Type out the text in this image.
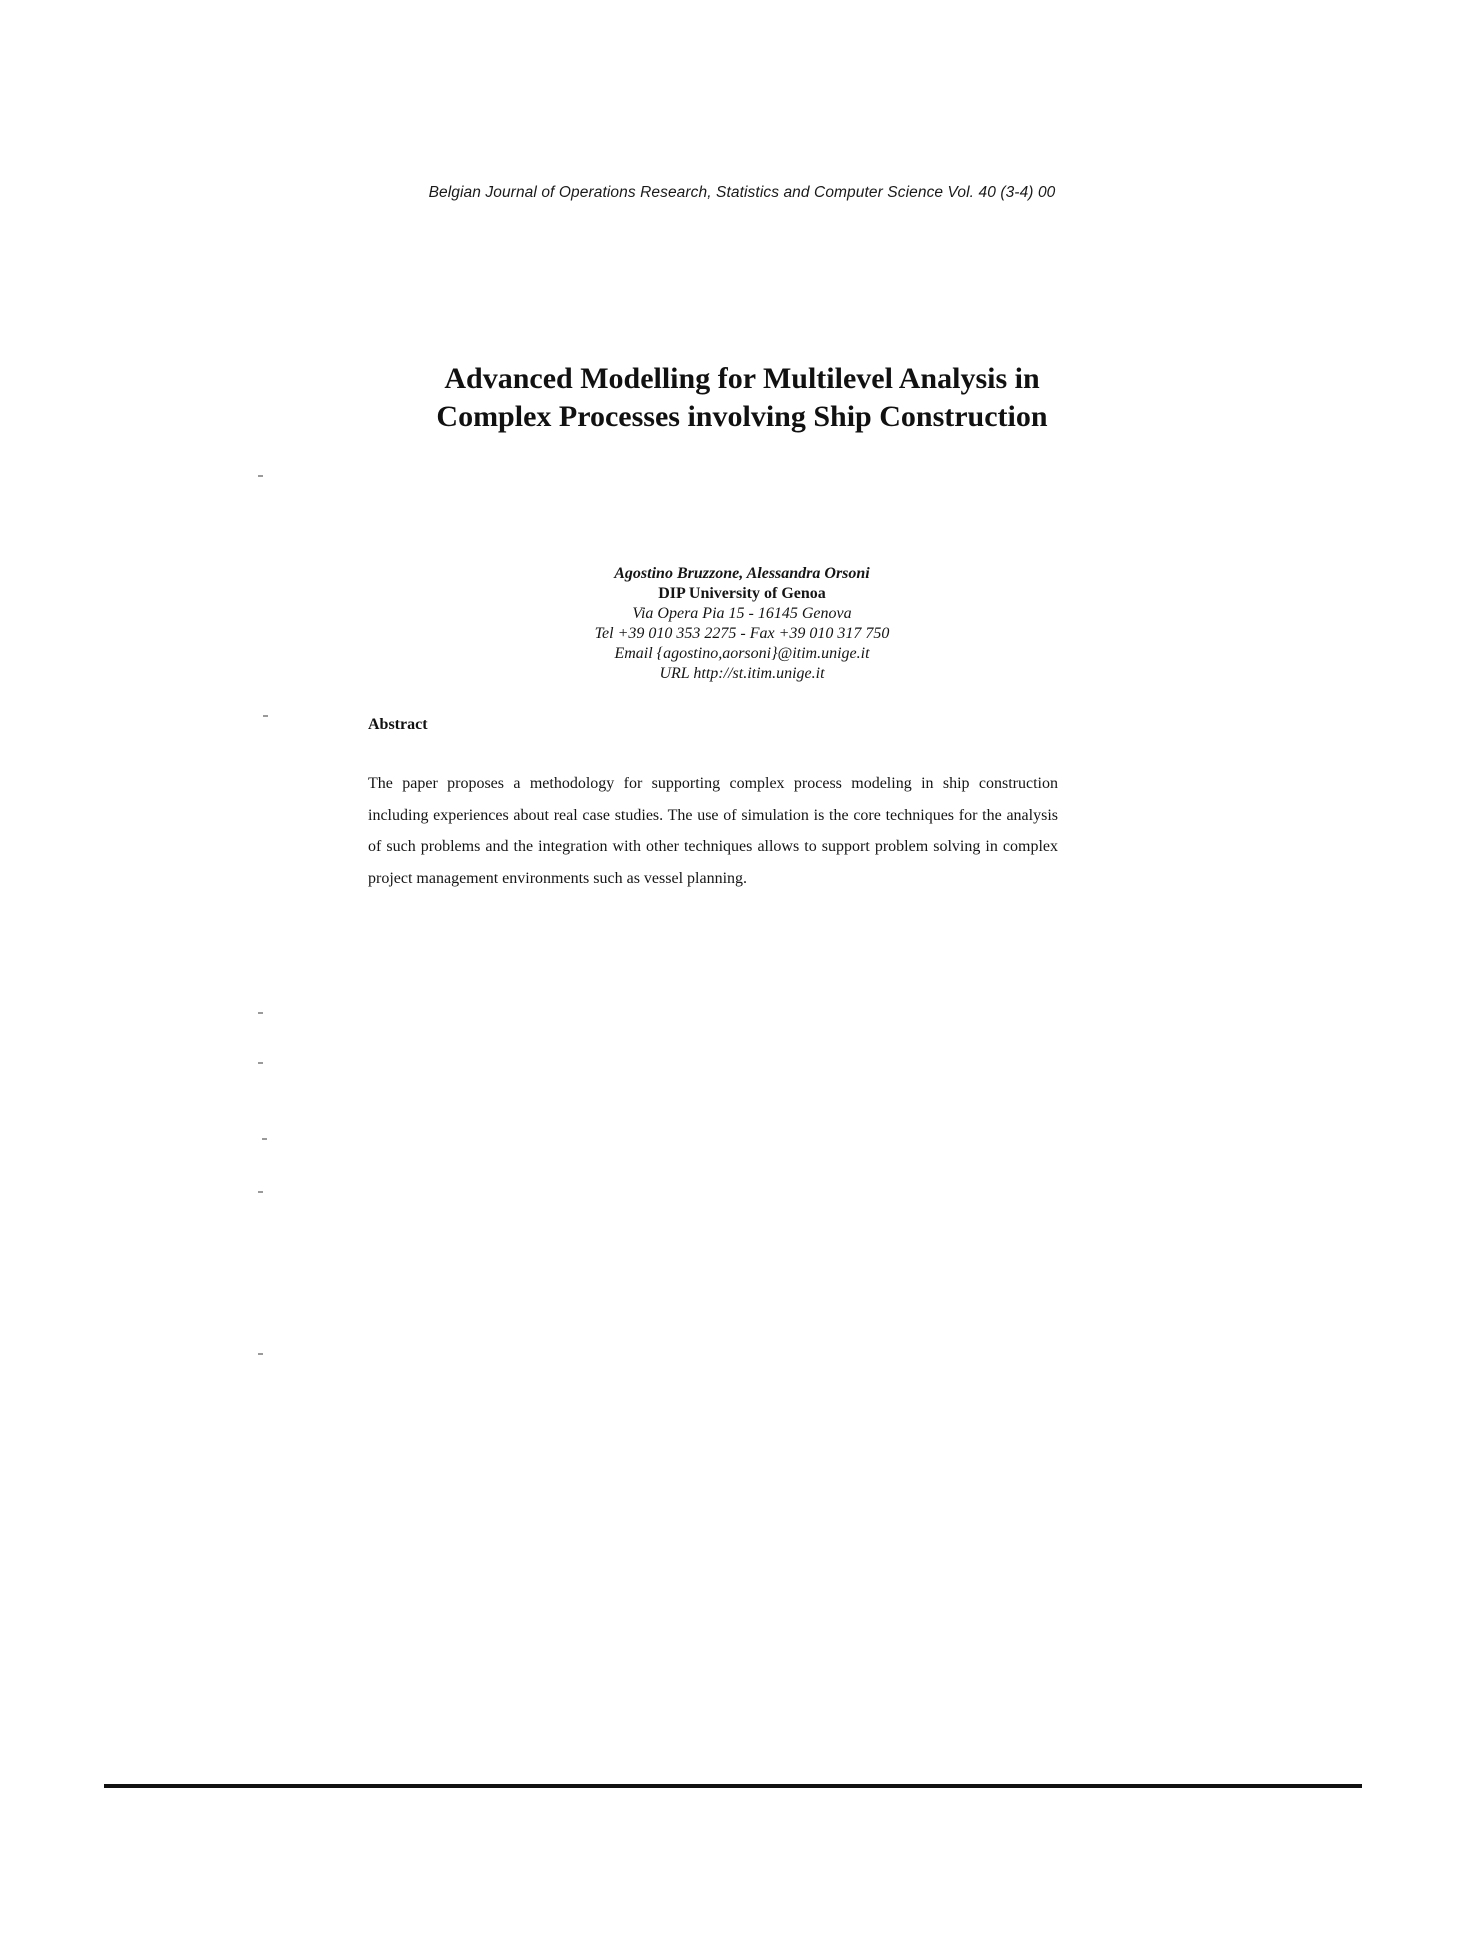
Belgian Journal of Operations Research, Statistics and Computer Science Vol. 40 (3-4) 00
Advanced Modelling for Multilevel Analysis in
Complex Processes involving Ship Construction
Agostino Bruzzone, Alessandra Orsoni
DIP University of Genoa
Via Opera Pia 15 - 16145 Genova
Tel +39 010 353 2275 - Fax +39 010 317 750
Email {agostino,aorsoni}@itim.unige.it
URL http://st.itim.unige.it
Abstract
The paper proposes a methodology for supporting complex process modeling in ship construction including experiences about real case studies. The use of simulation is the core techniques for the analysis of such problems and the integration with other techniques allows to support problem solving in complex project management environments such as vessel planning.
